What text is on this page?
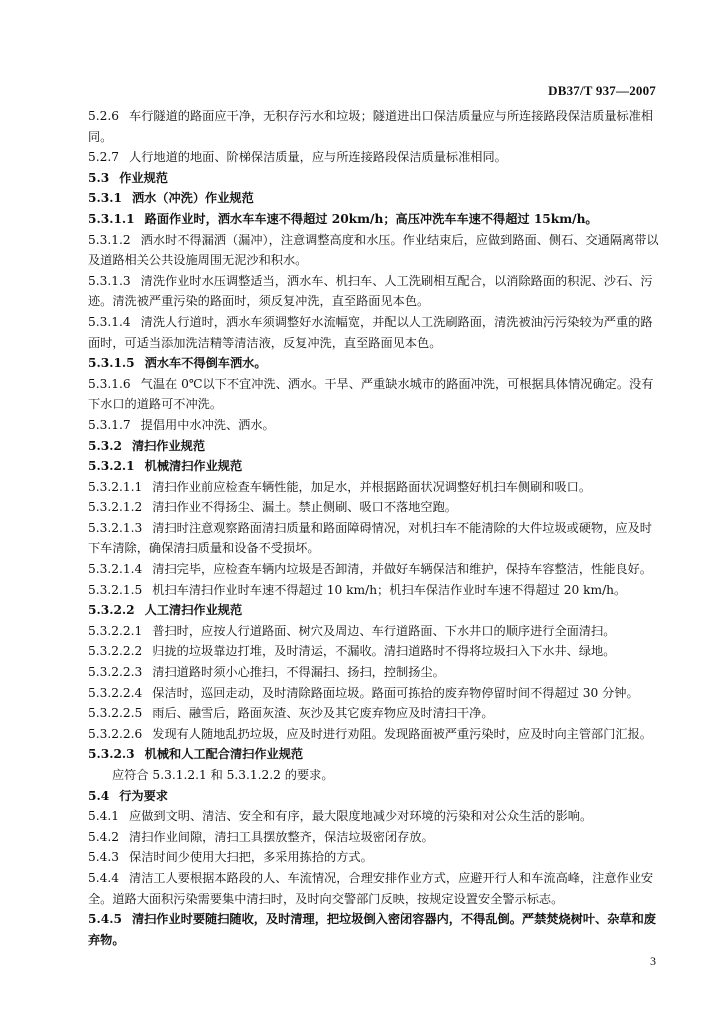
DB37/T 937—2007

5.2.6 车行隧道的路面应干净，无积存污水和垃圾；隧道进出口保洁质量应与所连接路段保洁质量标准相同。

5.2.7 人行地道的地面、阶梯保洁质量，应与所连接路段保洁质量标准相同。

5.3 作业规范

5.3.1 洒水（冲洗）作业规范

5.3.1.1 路面作业时，洒水车车速不得超过 20km/h；高压冲洗车车速不得超过 15km/h。

5.3.1.2 洒水时不得漏洒（漏冲），注意调整高度和水压。作业结束后，应做到路面、侧石、交通隔离带以及道路相关公共设施周围无泥沙和积水。

5.3.1.3 清洗作业时水压调整适当，洒水车、机扫车、人工洗刷相互配合，以消除路面的积泥、沙石、污迹。清洗被严重污染的路面时，须反复冲洗，直至路面见本色。

5.3.1.4 清洗人行道时，洒水车须调整好水流幅宽，并配以人工洗刷路面，清洗被油污污染较为严重的路面时，可适当添加洗洁精等清洁液，反复冲洗，直至路面见本色。

5.3.1.5 洒水车不得倒车洒水。

5.3.1.6 气温在 0℃以下不宜冲洗、洒水。干旱、严重缺水城市的路面冲洗，可根据具体情况确定。没有下水口的道路可不冲洗。

5.3.1.7 提倡用中水冲洗、洒水。

5.3.2 清扫作业规范

5.3.2.1 机械清扫作业规范

5.3.2.1.1 清扫作业前应检查车辆性能，加足水，并根据路面状况调整好机扫车侧刷和吸口。

5.3.2.1.2 清扫作业不得扬尘、漏土。禁止侧刷、吸口不落地空跑。

5.3.2.1.3 清扫时注意观察路面清扫质量和路面障碍情况，对机扫车不能清除的大件垃圾或硬物，应及时下车清除，确保清扫质量和设备不受损坏。

5.3.2.1.4 清扫完毕，应检查车辆内垃圾是否卸清，并做好车辆保洁和维护，保持车容整洁，性能良好。

5.3.2.1.5 机扫车清扫作业时车速不得超过 10 km/h；机扫车保洁作业时车速不得超过 20 km/h。

5.3.2.2 人工清扫作业规范

5.3.2.2.1 普扫时，应按人行道路面、树穴及周边、车行道路面、下水井口的顺序进行全面清扫。

5.3.2.2.2 归拢的垃圾靠边打堆，及时清运，不漏收。清扫道路时不得将垃圾扫入下水井、绿地。

5.3.2.2.3 清扫道路时须小心推扫，不得漏扫、扬扫，控制扬尘。

5.3.2.2.4 保洁时，巡回走动，及时清除路面垃圾。路面可拣拾的废弃物停留时间不得超过 30 分钟。

5.3.2.2.5 雨后、融雪后，路面灰渣、灰沙及其它废弃物应及时清扫干净。

5.3.2.2.6 发现有人随地乱扔垃圾，应及时进行劝阻。发现路面被严重污染时，应及时向主管部门汇报。

5.3.2.3 机械和人工配合清扫作业规范

应符合 5.3.1.2.1 和 5.3.1.2.2 的要求。

5.4 行为要求

5.4.1 应做到文明、清洁、安全和有序，最大限度地减少对环境的污染和对公众生活的影响。

5.4.2 清扫作业间隙，清扫工具摆放整齐，保洁垃圾密闭存放。

5.4.3 保洁时间少使用大扫把，多采用拣拾的方式。

5.4.4 清洁工人要根据本路段的人、车流情况，合理安排作业方式，应避开行人和车流高峰，注意作业安全。道路大面积污染需要集中清扫时，及时向交警部门反映，按规定设置安全警示标志。

5.4.5 清扫作业时要随扫随收，及时清理，把垃圾倒入密闭容器内，不得乱倒。严禁焚烧树叶、杂草和废弃物。

3
